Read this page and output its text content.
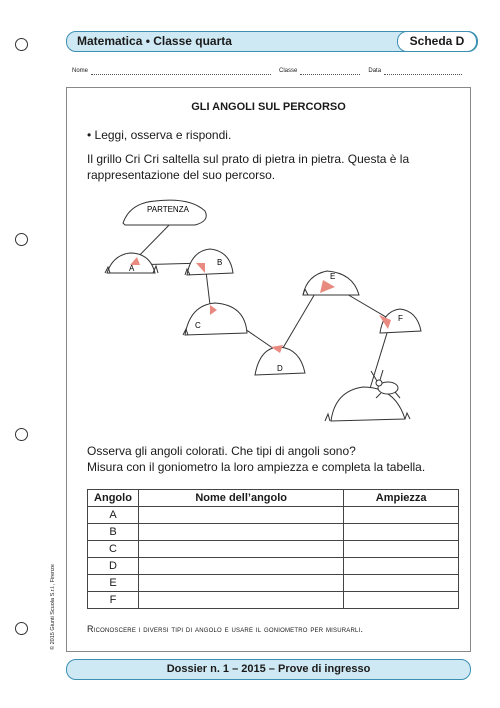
Matematica • Classe quarta	Scheda D
Nome	Classe	Data
GLI ANGOLI SUL PERCORSO
• Leggi, osserva e rispondi.
Il grillo Cri Cri saltella sul prato di pietra in pietra. Questa è la rappresentazione del suo percorso.
Osserva gli angoli colorati. Che tipi di angoli sono?
Misura con il goniometro la loro ampiezza e completa la tabella.
Angolo	Nome dell’angolo	Ampiezza
A		
B		
C		
D		
E		
F		
Riconoscere i diversi tipi di angolo e usare il goniometro per misurarli.
PARTENZA
A
B
C
D
E
F
© 2015 Giunti Scuola S.r.l., Firenze
Dossier n. 1 – 2015 – Prove di ingresso
